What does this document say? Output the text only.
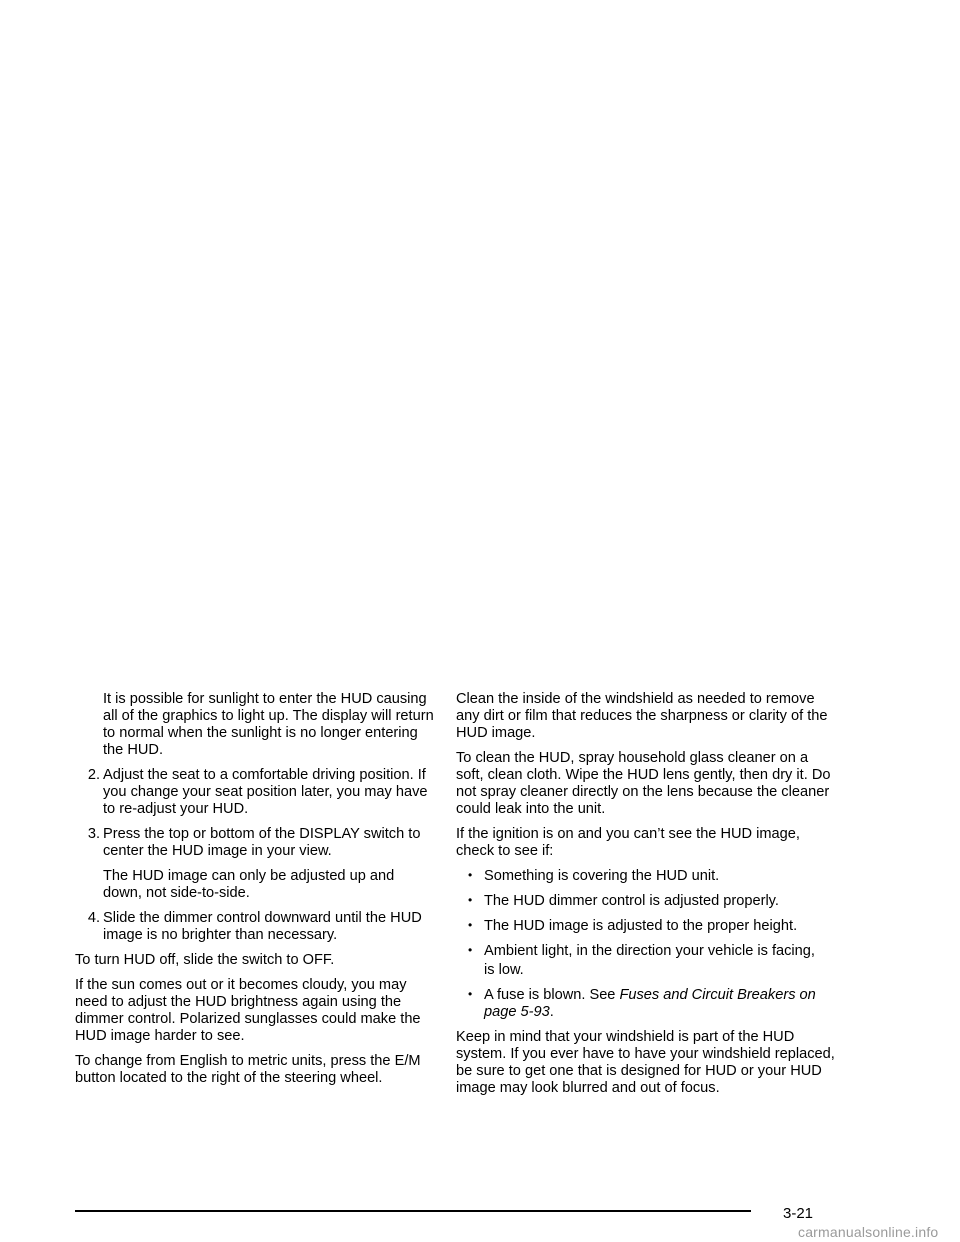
It is possible for sunlight to enter the HUD causing all of the graphics to light up. The display will return to normal when the sunlight is no longer entering the HUD.

2. Adjust the seat to a comfortable driving position. If you change your seat position later, you may have to re-adjust your HUD.
3. Press the top or bottom of the DISPLAY switch to center the HUD image in your view.

The HUD image can only be adjusted up and down, not side-to-side.

4. Slide the dimmer control downward until the HUD image is no brighter than necessary.

To turn HUD off, slide the switch to OFF.

If the sun comes out or it becomes cloudy, you may need to adjust the HUD brightness again using the dimmer control. Polarized sunglasses could make the HUD image harder to see.

To change from English to metric units, press the E/M button located to the right of the steering wheel.

Clean the inside of the windshield as needed to remove any dirt or film that reduces the sharpness or clarity of the HUD image.

To clean the HUD, spray household glass cleaner on a soft, clean cloth. Wipe the HUD lens gently, then dry it. Do not spray cleaner directly on the lens because the cleaner could leak into the unit.

If the ignition is on and you can’t see the HUD image, check to see if:

• Something is covering the HUD unit.
• The HUD dimmer control is adjusted properly.
• The HUD image is adjusted to the proper height.
• Ambient light, in the direction your vehicle is facing,
is low.
• A fuse is blown. See Fuses and Circuit Breakers on page 5-93.

Keep in mind that your windshield is part of the HUD system. If you ever have to have your windshield replaced, be sure to get one that is designed for HUD or your HUD image may look blurred and out of focus.

3-21
carmanualsonline.info
